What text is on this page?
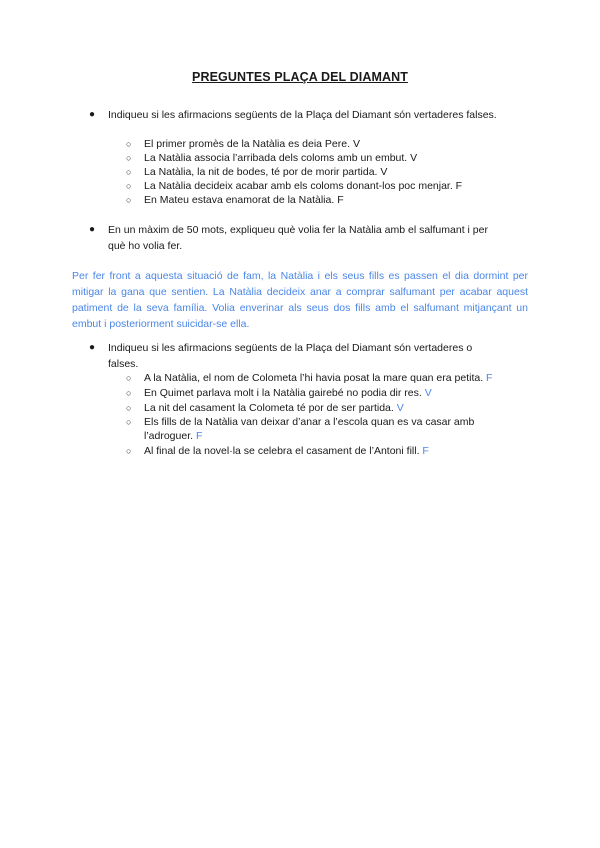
PREGUNTES PLAÇA DEL DIAMANT
● Indiqueu si les afirmacions següents de la Plaça del Diamant són vertaderes falses.
○ El primer promès de la Natàlia es deia Pere. V
○ La Natàlia associa l’arribada dels coloms amb un embut. V
○ La Natàlia, la nit de bodes, té por de morir partida. V
○ La Natàlia decideix acabar amb els coloms donant-los poc menjar. F
○ En Mateu estava enamorat de la Natàlia. F
● En un màxim de 50 mots, expliqueu què volia fer la Natàlia amb el salfumant i per
què ho volia fer.
Per fer front a aquesta situació de fam, la Natàlia i els seus fills es passen el dia dormint per mitigar la gana que sentien. La Natàlia decideix anar a comprar salfumant per acabar aquest patiment de la seva família. Volia enverinar als seus dos fills amb el salfumant mitjançant un embut i posteriorment suicidar-se ella.
● Indiqueu si les afirmacions següents de la Plaça del Diamant són vertaderes o
falses.
○ A la Natàlia, el nom de Colometa l’hi havia posat la mare quan era petita. F
○ En Quimet parlava molt i la Natàlia gairebé no podia dir res. V
○ La nit del casament la Colometa té por de ser partida. V
○ Els fills de la Natàlia van deixar d’anar a l’escola quan es va casar amb
l’adroguer. F
○ Al final de la novel·la se celebra el casament de l’Antoni fill. F
